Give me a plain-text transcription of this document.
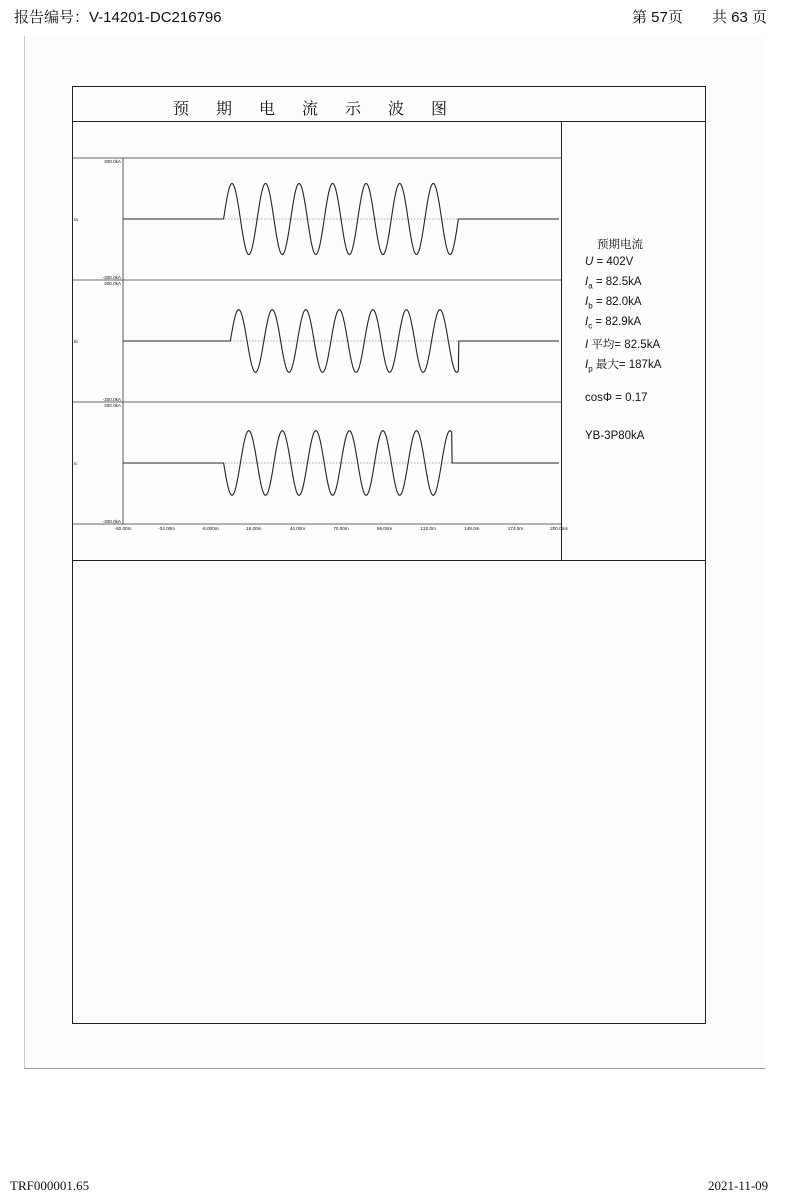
报告编号：V-14201-DC216796	第 57页 共 63 页
预期电流示波图
300.0kA
-300.0kA
Ia
300.0kA
-300.0kA
Ib
300.0kA
-300.0kA
Ic
-60.00m	-34.00m	-8.000m	18.00m	44.00m	70.00m	96.00m	122.0m	148.0m	174.0m	200.0ms
预期电流
U = 402V
$I_a = 82.5kA$
$I_b = 82.0kA$
$I_c = 82.9kA$
I 平均= 82.5kA
$I_p$ 最大= 187kA
cosΦ = 0.17
YB-3P80kA
TRF000001.65	2021-11-09
